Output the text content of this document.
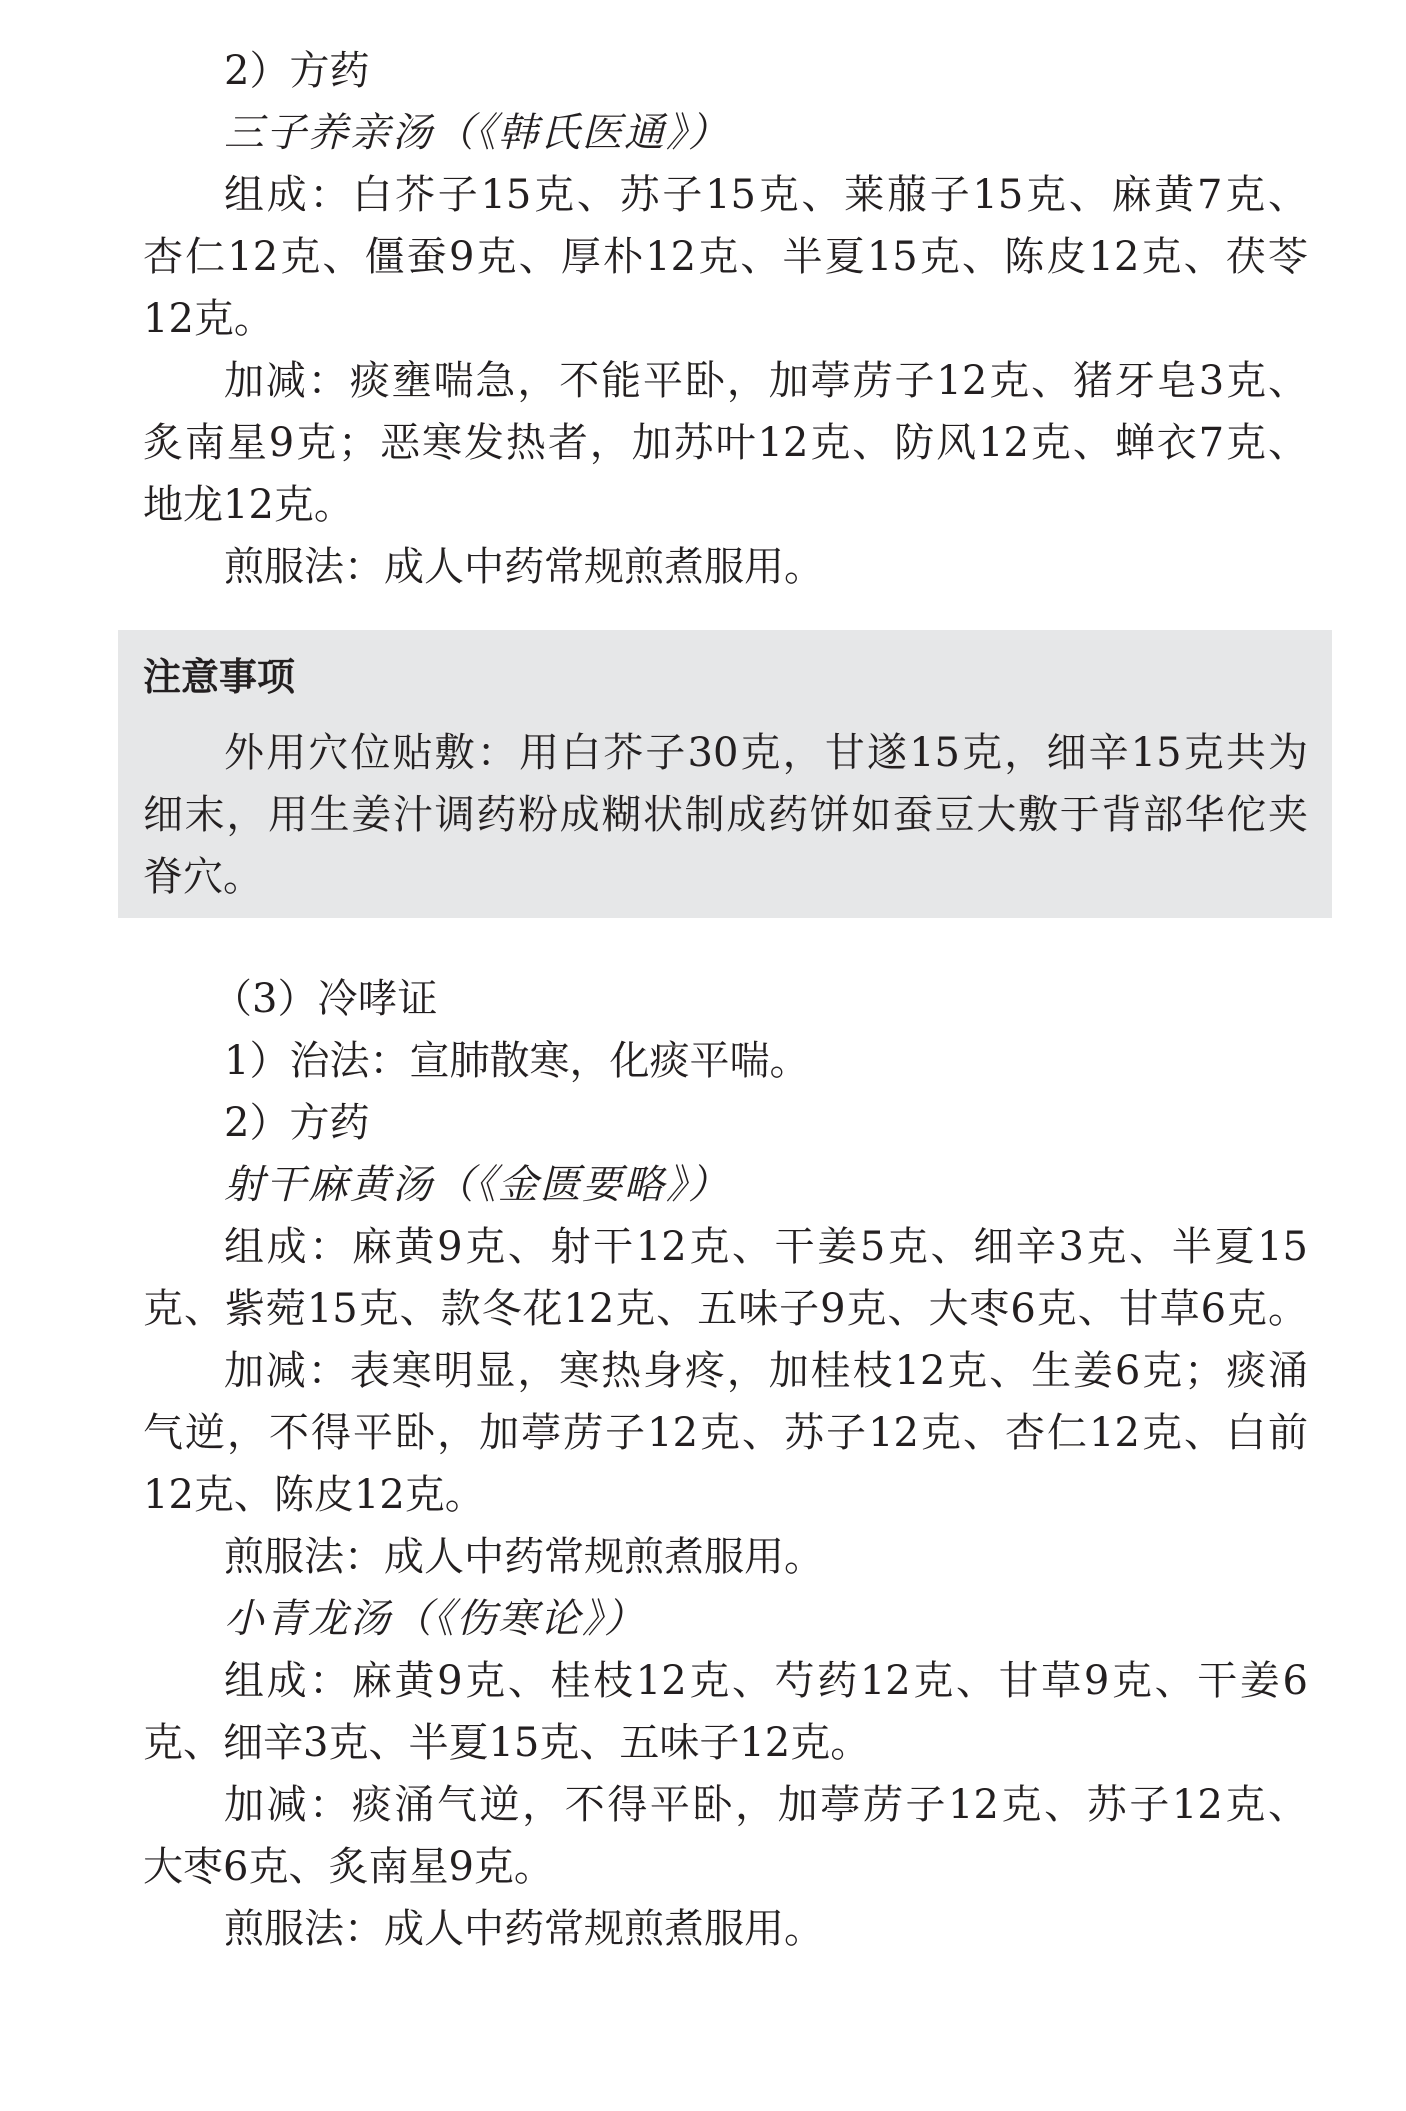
2）方药
三子养亲汤（《韩氏医通》）
组成：白芥子15克、苏子15克、莱菔子15克、麻黄7克、
杏仁12克、僵蚕9克、厚朴12克、半夏15克、陈皮12克、茯苓
12克。
加减：痰壅喘急，不能平卧，加葶苈子12克、猪牙皂3克、
炙南星9克；恶寒发热者，加苏叶12克、防风12克、蝉衣7克、
地龙12克。
煎服法：成人中药常规煎煮服用。
注意事项
外用穴位贴敷：用白芥子30克，甘遂15克，细辛15克共为
细末，用生姜汁调药粉成糊状制成药饼如蚕豆大敷于背部华佗夹
脊穴。
（3）冷哮证
1）治法：宣肺散寒，化痰平喘。
2）方药
射干麻黄汤（《金匮要略》）
组成：麻黄9克、射干12克、干姜5克、细辛3克、半夏15
克、紫菀15克、款冬花12克、五味子9克、大枣6克、甘草6克。
加减：表寒明显，寒热身疼，加桂枝12克、生姜6克；痰涌
气逆，不得平卧，加葶苈子12克、苏子12克、杏仁12克、白前
12克、陈皮12克。
煎服法：成人中药常规煎煮服用。
小青龙汤（《伤寒论》）
组成：麻黄9克、桂枝12克、芍药12克、甘草9克、干姜6
克、细辛3克、半夏15克、五味子12克。
加减：痰涌气逆，不得平卧，加葶苈子12克、苏子12克、
大枣6克、炙南星9克。
煎服法：成人中药常规煎煮服用。
